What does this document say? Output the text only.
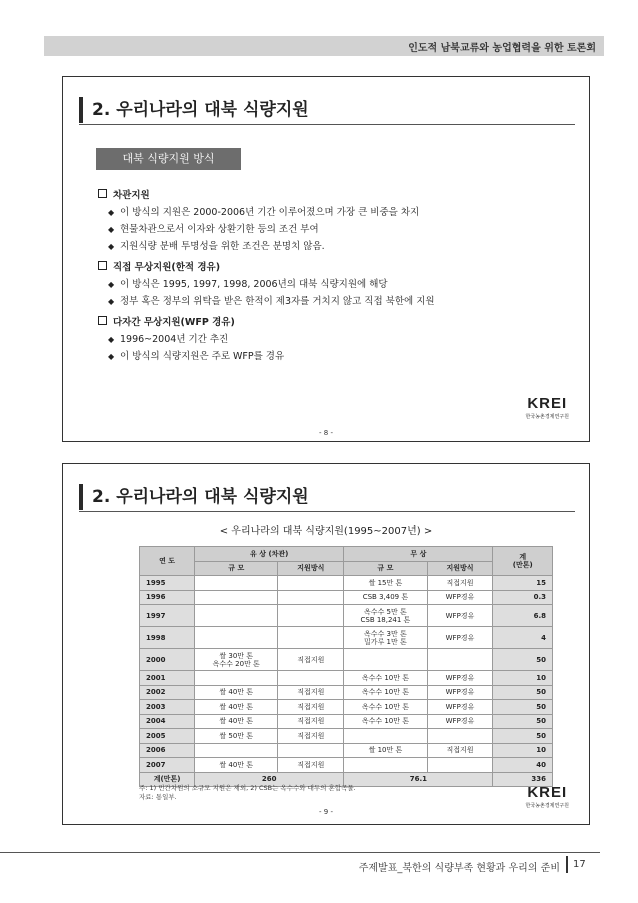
인도적 남북교류와 농업협력을 위한 토론회
2. 우리나라의 대북 식량지원
대북 식량지원 방식
차관지원
◆ 이 방식의 지원은 2000-2006년 기간 이루어졌으며 가장 큰 비중을 차지
◆ 현물차관으로서 이자와 상환기한 등의 조건 부여
◆ 지원식량 분배 투명성을 위한 조건은 분명치 않음.
직접 무상지원(한적 경유)
◆ 이 방식은 1995, 1997, 1998, 2006년의 대북 식량지원에 해당
◆ 정부 혹은 정부의 위탁을 받은 한적이 제3자를 거치지 않고 직접 북한에 지원
다자간 무상지원(WFP 경유)
◆ 1996~2004년 기간 추진
◆ 이 방식의 식량지원은 주로 WFP를 경유
KREI
한국농촌경제연구원
- 8 -
2. 우리나라의 대북 식량지원
< 우리나라의 대북 식량지원(1995~2007년) >
연 도	유 상 (차관)		무 상		계
(만톤)

	규 모	지원방식	규 모	지원방식	
1995			쌀 15만 톤	직접지원	15
1996			CSB 3,409 톤	WFP경유	0.3
1997			옥수수 5만 톤
CSB 18,241 톤	WFP경유	6.8
1998			옥수수 3만 톤
밀가루 1만 톤	WFP경유	4
2000	쌀 30만 톤
옥수수 20만 톤	직접지원			50
2001			옥수수 10만 톤	WFP경유	10
2002	쌀 40만 톤	직접지원	옥수수 10만 톤	WFP경유	50
2003	쌀 40만 톤	직접지원	옥수수 10만 톤	WFP경유	50
2004	쌀 40만 톤	직접지원	옥수수 10만 톤	WFP경유	50
2005	쌀 50만 톤	직접지원			50
2006			쌀 10만 톤	직접지원	10
2007	쌀 40만 톤	직접지원			40
계(만톤)	260		76.1		336
주: 1) 민간차원의 소규모 지원은 제외, 2) CSB는 옥수수와 대두의 혼합곡물.
자료: 통일부.	KREI
한국농촌경제연구원
- 9 -
주제발표_북한의 식량부족 현황과 우리의 준비 17
